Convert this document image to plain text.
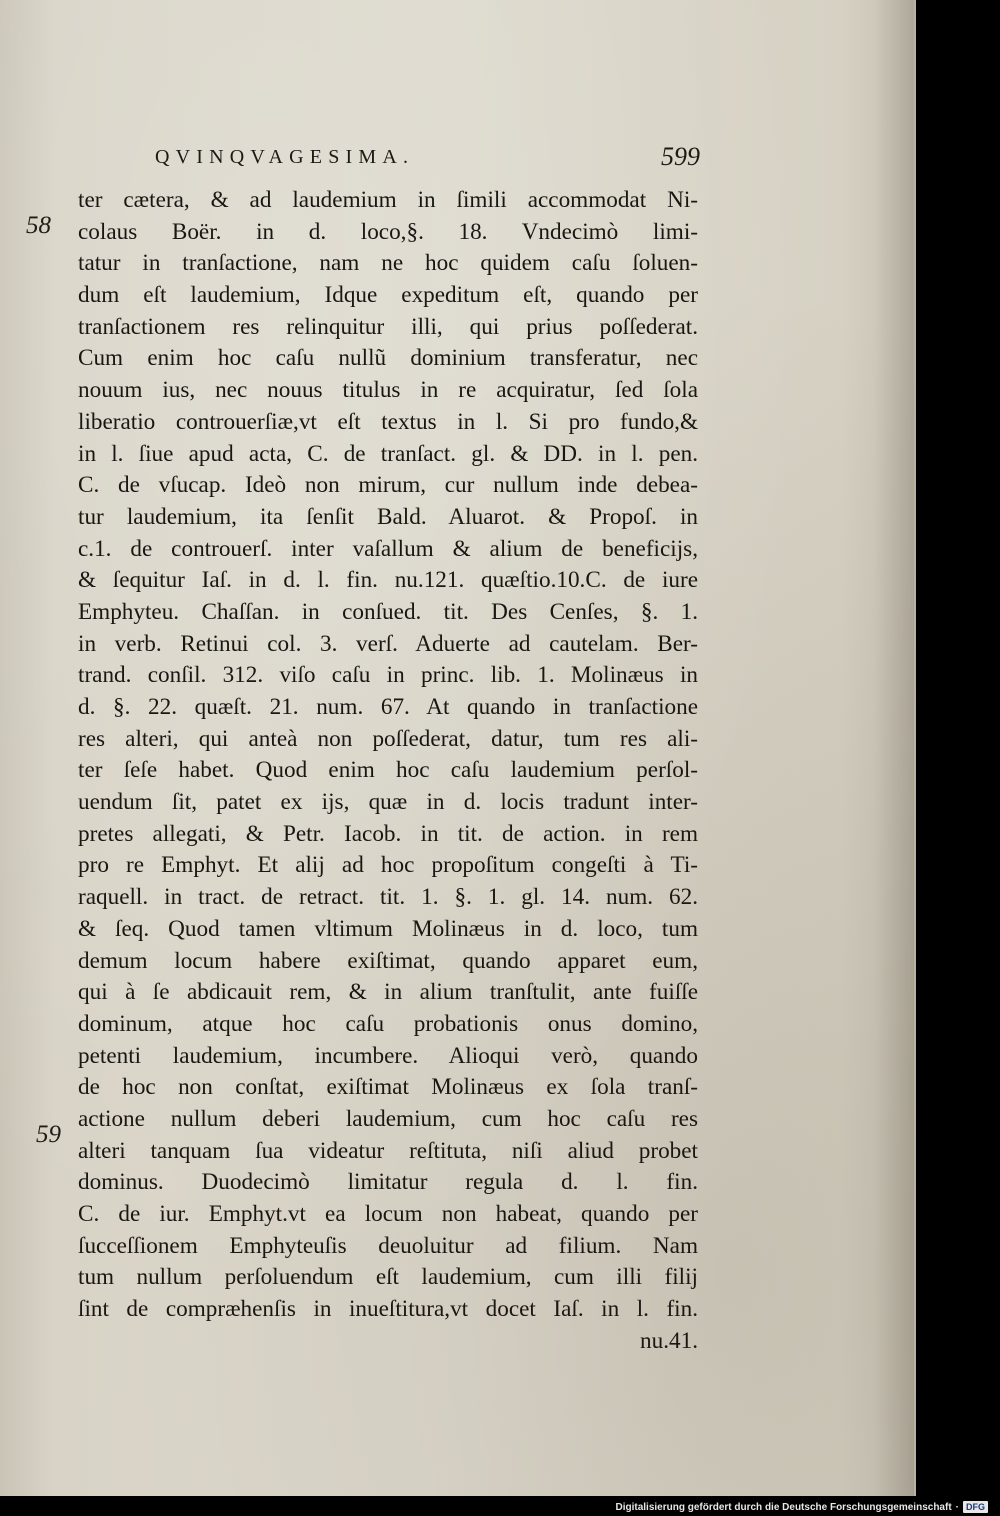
QVINQVAGESIMA.	599
58
59
ter cætera, & ad laudemium in ſimili accommodat Ni-
colaus Boër. in d. loco,§. 18. Vndecimò limi-
tatur in tranſactione, nam ne hoc quidem caſu ſoluen-
dum eſt laudemium, Idque expeditum eſt, quando per
tranſactionem res relinquitur illi, qui prius poſſederat.
Cum enim hoc caſu nullũ dominium transferatur, nec
nouum ius, nec nouus titulus in re acquiratur, ſed ſola
liberatio controuerſiæ,vt eſt textus in l. Si pro fundo,&
in l. ſiue apud acta, C. de tranſact. gl. & DD. in l. pen.
C. de vſucap. Ideò non mirum, cur nullum inde debea-
tur laudemium, ita ſenſit Bald. Aluarot. & Propoſ. in
c.1. de controuerſ. inter vaſallum & alium de beneficijs,
& ſequitur Iaſ. in d. l. fin. nu.121. quæſtio.10.C. de iure
Emphyteu. Chaſſan. in conſued. tit. Des Cenſes, §. 1.
in verb. Retinui col. 3. verſ. Aduerte ad cautelam. Ber-
trand. conſil. 312. viſo caſu in princ. lib. 1. Molinæus in
d. §. 22. quæſt. 21. num. 67. At quando in tranſactione
res alteri, qui anteà non poſſederat, datur, tum res ali-
ter ſeſe habet. Quod enim hoc caſu laudemium perſol-
uendum ſit, patet ex ijs, quæ in d. locis tradunt inter-
pretes allegati, & Petr. Iacob. in tit. de action. in rem
pro re Emphyt. Et alij ad hoc propoſitum congeſti à Ti-
raquell. in tract. de retract. tit. 1. §. 1. gl. 14. num. 62.
& ſeq. Quod tamen vltimum Molinæus in d. loco, tum
demum locum habere exiſtimat, quando apparet eum,
qui à ſe abdicauit rem, & in alium tranſtulit, ante fuiſſe
dominum, atque hoc caſu probationis onus domino,
petenti laudemium, incumbere. Alioqui verò, quando
de hoc non conſtat, exiſtimat Molinæus ex ſola tranſ-
actione nullum deberi laudemium, cum hoc caſu res
alteri tanquam ſua videatur reſtituta, niſi aliud probet
dominus. Duodecimò limitatur regula d. l. fin.
C. de iur. Emphyt.vt ea locum non habeat, quando per
ſucceſſionem Emphyteuſis deuoluitur ad filium. Nam
tum nullum perſoluendum eſt laudemium, cum illi filij
ſint de compræhenſis in inueſtitura,vt docet Iaſ. in l. fin.
nu.41.
Digitalisierung gefördert durch die Deutsche Forschungsgemeinschaft · DFG
